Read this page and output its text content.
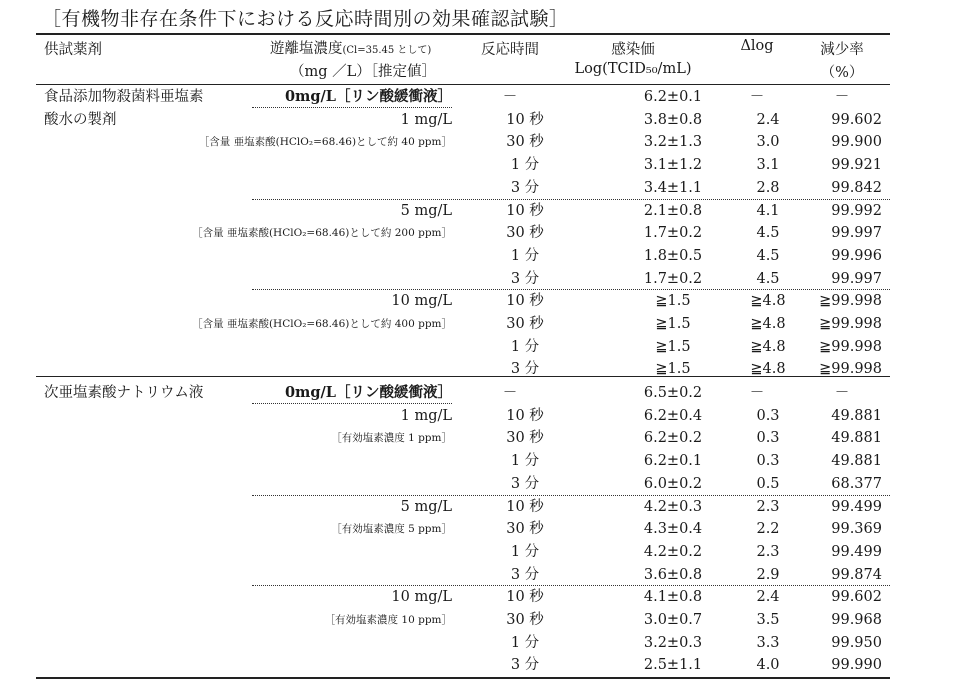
［有機物非存在条件下における反応時間別の効果確認試験］
供試薬剤	遊離塩濃度(Cl=35.45 として)
（mg ／L）［推定値］
反応時間	感染価
Log(TCID₅₀/mL)
Δlog	減少率
（%）
食品添加物殺菌料亜塩素
酸水の製剤
0mg/L［リン酸緩衝液］	－	6.2±0.1	－	－
1 mg/L
［含量 亜塩素酸(HClO₂=68.46)として約 40 ppm］
10 秒	3.8±0.8	2.4	99.602
30 秒	3.2±1.3	3.0	99.900
1 分	3.1±1.2	3.1	99.921
3 分	3.4±1.1	2.8	99.842
5 mg/L
［含量 亜塩素酸(HClO₂=68.46)として約 200 ppm］
10 秒	2.1±0.8	4.1	99.992
30 秒	1.7±0.2	4.5	99.997
1 分	1.8±0.5	4.5	99.996
3 分	1.7±0.2	4.5	99.997
10 mg/L
［含量 亜塩素酸(HClO₂=68.46)として約 400 ppm］
10 秒	≧1.5	≧4.8 ≧99.998
30 秒	≧1.5	≧4.8 ≧99.998
1 分	≧1.5	≧4.8 ≧99.998
3 分	≧1.5	≧4.8 ≧99.998
次亜塩素酸ナトリウム液	0mg/L［リン酸緩衝液］	－	6.5±0.2	－	－
1 mg/L
［有効塩素濃度 1 ppm］
10 秒	6.2±0.4	0.3	49.881
30 秒	6.2±0.2	0.3	49.881
1 分	6.2±0.1	0.3	49.881
3 分	6.0±0.2	0.5	68.377
5 mg/L
［有効塩素濃度 5 ppm］
10 秒	4.2±0.3	2.3	99.499
30 秒	4.3±0.4	2.2	99.369
1 分	4.2±0.2	2.3	99.499
3 分	3.6±0.8	2.9	99.874
10 mg/L
［有効塩素濃度 10 ppm］
10 秒	4.1±0.8	2.4	99.602
30 秒	3.0±0.7	3.5	99.968
1 分	3.2±0.3	3.3	99.950
3 分	2.5±1.1	4.0	99.990
